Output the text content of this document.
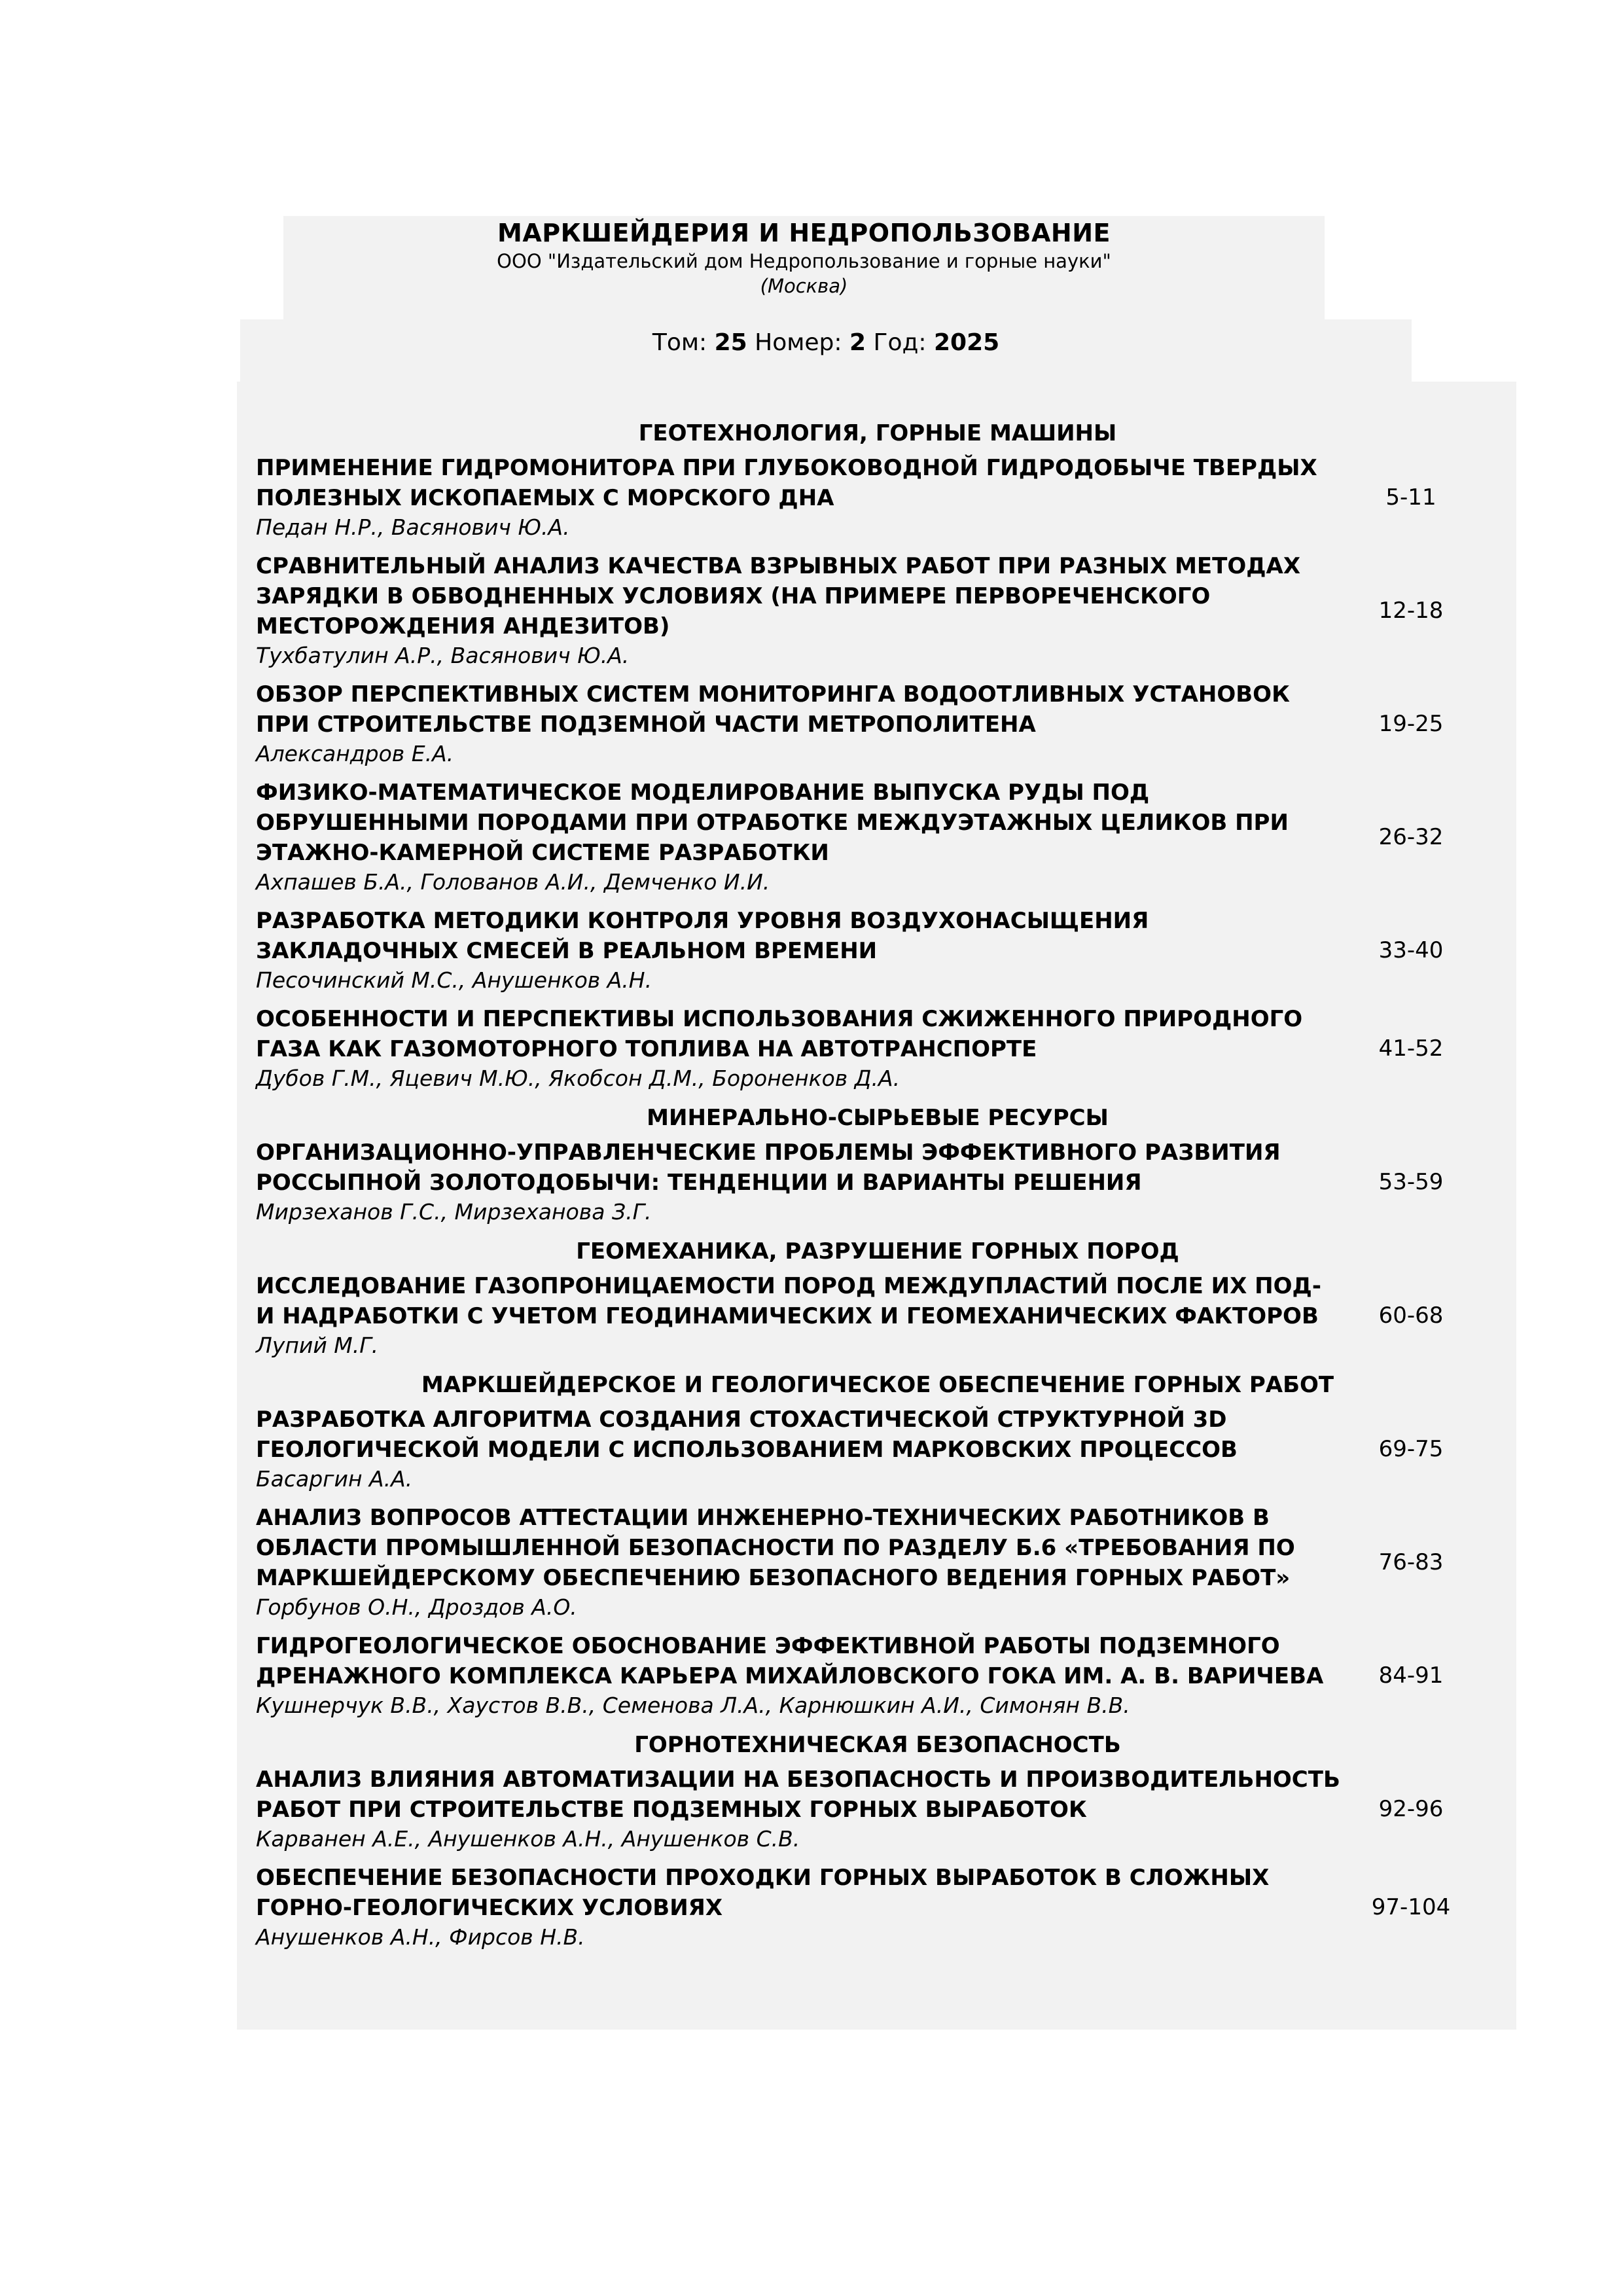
МАРКШЕЙДЕРИЯ И НЕДРОПОЛЬЗОВАНИЕ
ООО "Издательский дом Недропользование и горные науки"
(Москва)
Том: 25 Номер: 2 Год: 2025

ГЕОТЕХНОЛОГИЯ, ГОРНЫЕ МАШИНЫ

ПРИМЕНЕНИЕ ГИДРОМОНИТОРА ПРИ ГЛУБОКОВОДНОЙ ГИДРОДОБЫЧЕ ТВЕРДЫХ ПОЛЕЗНЫХ ИСКОПАЕМЫХ С МОРСКОГО ДНА

Педан Н.Р., Васянович Ю.А.

5-11

СРАВНИТЕЛЬНЫЙ АНАЛИЗ КАЧЕСТВА ВЗРЫВНЫХ РАБОТ ПРИ РАЗНЫХ МЕТОДАХ ЗАРЯДКИ В ОБВОДНЕННЫХ УСЛОВИЯХ (НА ПРИМЕРЕ ПЕРВОРЕЧЕНСКОГО МЕСТОРОЖДЕНИЯ АНДЕЗИТОВ)

Тухбатулин А.Р., Васянович Ю.А.

12-18

ОБЗОР ПЕРСПЕКТИВНЫХ СИСТЕМ МОНИТОРИНГА ВОДООТЛИВНЫХ УСТАНОВОК ПРИ СТРОИТЕЛЬСТВЕ ПОДЗЕМНОЙ ЧАСТИ МЕТРОПОЛИТЕНА

Александров Е.А.

19-25

ФИЗИКО-МАТЕМАТИЧЕСКОЕ МОДЕЛИРОВАНИЕ ВЫПУСКА РУДЫ ПОД ОБРУШЕННЫМИ ПОРОДАМИ ПРИ ОТРАБОТКЕ МЕЖДУЭТАЖНЫХ ЦЕЛИКОВ ПРИ ЭТАЖНО-КАМЕРНОЙ СИСТЕМЕ РАЗРАБОТКИ

Ахпашев Б.А., Голованов А.И., Демченко И.И.

26-32

РАЗРАБОТКА МЕТОДИКИ КОНТРОЛЯ УРОВНЯ ВОЗДУХОНАСЫЩЕНИЯ ЗАКЛАДОЧНЫХ СМЕСЕЙ В РЕАЛЬНОМ ВРЕМЕНИ

Песочинский М.С., Анушенков А.Н.

33-40

ОСОБЕННОСТИ И ПЕРСПЕКТИВЫ ИСПОЛЬЗОВАНИЯ СЖИЖЕННОГО ПРИРОДНОГО ГАЗА КАК ГАЗОМОТОРНОГО ТОПЛИВА НА АВТОТРАНСПОРТЕ

Дубов Г.М., Яцевич М.Ю., Якобсон Д.М., Бороненков Д.А.

41-52

МИНЕРАЛЬНО-СЫРЬЕВЫЕ РЕСУРСЫ

ОРГАНИЗАЦИОННО-УПРАВЛЕНЧЕСКИЕ ПРОБЛЕМЫ ЭФФЕКТИВНОГО РАЗВИТИЯ РОССЫПНОЙ ЗОЛОТОДОБЫЧИ: ТЕНДЕНЦИИ И ВАРИАНТЫ РЕШЕНИЯ

Мирзеханов Г.С., Мирзеханова З.Г.

53-59

ГЕОМЕХАНИКА, РАЗРУШЕНИЕ ГОРНЫХ ПОРОД

ИССЛЕДОВАНИЕ ГАЗОПРОНИЦАЕМОСТИ ПОРОД МЕЖДУПЛАСТИЙ ПОСЛЕ ИХ ПОД- И НАДРАБОТКИ С УЧЕТОМ ГЕОДИНАМИЧЕСКИХ И ГЕОМЕХАНИЧЕСКИХ ФАКТОРОВ

Лупий М.Г.

60-68

МАРКШЕЙДЕРСКОЕ И ГЕОЛОГИЧЕСКОЕ ОБЕСПЕЧЕНИЕ ГОРНЫХ РАБОТ

РАЗРАБОТКА АЛГОРИТМА СОЗДАНИЯ СТОХАСТИЧЕСКОЙ СТРУКТУРНОЙ 3D ГЕОЛОГИЧЕСКОЙ МОДЕЛИ С ИСПОЛЬЗОВАНИЕМ МАРКОВСКИХ ПРОЦЕССОВ

Басаргин А.А.

69-75

АНАЛИЗ ВОПРОСОВ АТТЕСТАЦИИ ИНЖЕНЕРНО-ТЕХНИЧЕСКИХ РАБОТНИКОВ В ОБЛАСТИ ПРОМЫШЛЕННОЙ БЕЗОПАСНОСТИ ПО РАЗДЕЛУ Б.6 «ТРЕБОВАНИЯ ПО МАРКШЕЙДЕРСКОМУ ОБЕСПЕЧЕНИЮ БЕЗОПАСНОГО ВЕДЕНИЯ ГОРНЫХ РАБОТ»

Горбунов О.Н., Дроздов А.О.

76-83

ГИДРОГЕОЛОГИЧЕСКОЕ ОБОСНОВАНИЕ ЭФФЕКТИВНОЙ РАБОТЫ ПОДЗЕМНОГО ДРЕНАЖНОГО КОМПЛЕКСА КАРЬЕРА МИХАЙЛОВСКОГО ГОКА ИМ. А. В. ВАРИЧЕВА

Кушнерчук В.В., Хаустов В.В., Семенова Л.А., Карнюшкин А.И., Симонян В.В.

84-91

ГОРНОТЕХНИЧЕСКАЯ БЕЗОПАСНОСТЬ

АНАЛИЗ ВЛИЯНИЯ АВТОМАТИЗАЦИИ НА БЕЗОПАСНОСТЬ И ПРОИЗВОДИТЕЛЬНОСТЬ РАБОТ ПРИ СТРОИТЕЛЬСТВЕ ПОДЗЕМНЫХ ГОРНЫХ ВЫРАБОТОК

Карванен А.Е., Анушенков А.Н., Анушенков С.В.

92-96

ОБЕСПЕЧЕНИЕ БЕЗОПАСНОСТИ ПРОХОДКИ ГОРНЫХ ВЫРАБОТОК В СЛОЖНЫХ ГОРНО-ГЕОЛОГИЧЕСКИХ УСЛОВИЯХ

Анушенков А.Н., Фирсов Н.В.

97-104
